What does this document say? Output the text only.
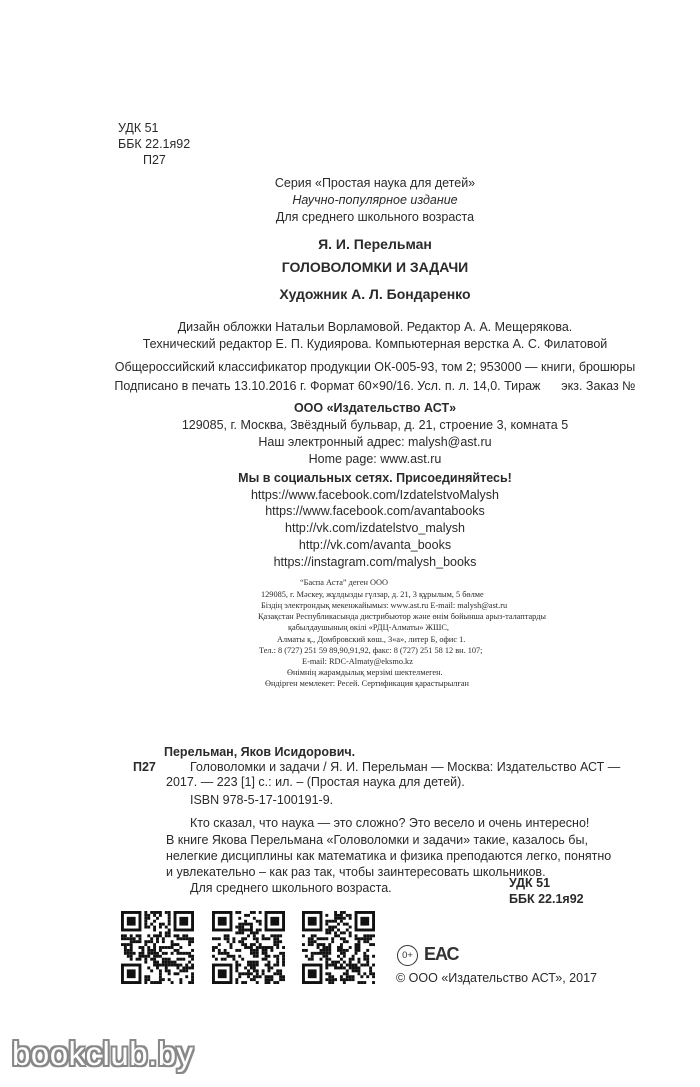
УДК 51
ББК 22.1я92
П27
Серия «Простая наука для детей»
Научно-популярное издание
Для среднего школьного возраста
Я. И. Перельман
ГОЛОВОЛОМКИ И ЗАДАЧИ
Художник А. Л. Бондаренко
Дизайн обложки Натальи Ворламовой. Редактор А. А. Мещерякова.
Технический редактор Е. П. Кудиярова. Компьютерная верстка А. С. Филатовой
Общероссийский классификатор продукции ОК-005-93, том 2; 953000 — книги, брошюры
Подписано в печать 13.10.2016 г. Формат 60×90/16. Усл. п. л. 14,0. Тираж      экз. Заказ №
ООО «Издательство АСТ»
129085, г. Москва, Звёздный бульвар, д. 21, строение 3, комната 5
Наш электронный адрес: malysh@ast.ru
Home page: www.ast.ru
Мы в социальных сетях. Присоединяйтесь!
https://www.facebook.com/IzdatelstvoMalysh
https://www.facebook.com/avantabooks
http://vk.com/izdatelstvo_malysh
http://vk.com/avanta_books
https://instagram.com/malysh_books
“Баспа Аста” деген ООО
129085, г. Мәскеу, жұлдызды гүлзар, д. 21, 3 құрылым, 5 бөлме
Біздің электрондық мекенжайымыз: www.ast.ru E-mail: malysh@ast.ru
Қазақстан Республикасында дистрибьютор және өнім бойынша арыз-талаптарды
қабылдаушының өкілі «РДЦ-Алматы» ЖШС,
Алматы қ., Домбровский көш., 3«а», литер Б, офис 1.
Тел.: 8 (727) 251 59 89,90,91,92, факс: 8 (727) 251 58 12 вн. 107;
E-mail: RDC-Almaty@eksmo.kz
Өнімнің жарамдылық мерзімі шектелмеген.
Өндірген мемлекет: Ресей. Сертификация қарастырылған
Перельман, Яков Исидорович.
П27	Головоломки и задачи / Я. И. Перельман — Москва: Издательство АСТ —
2017. — 223 [1] с.: ил. – (Простая наука для детей).
ISBN 978-5-17-100191-9.
Кто сказал, что наука — это сложно? Это весело и очень интересно!
В книге Якова Перельмана «Головоломки и задачи» такие, казалось бы,
нелегкие дисциплины как математика и физика преподаются легко, понятно
и увлекательно – как раз так, чтобы заинтересовать школьников.
Для среднего школьного возраста.	УДК 51
ББК 22.1я92
0+ ЕАС
© ООО «Издательство АСТ», 2017
bookclub.by
